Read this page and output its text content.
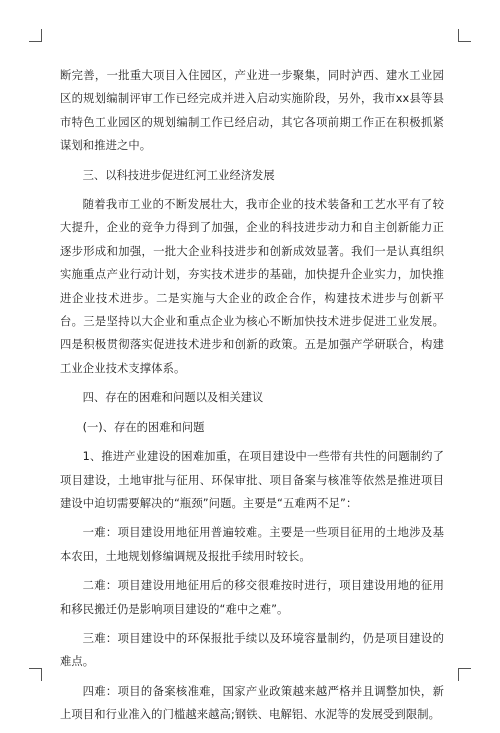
断完善，一批重大项目入住园区，产业进一步聚集，同时泸西、建水工业园区的规划编制评审工作已经完成并进入启动实施阶段，另外，我市xx县等县市特色工业园区的规划编制工作已经启动，其它各项前期工作正在积极抓紧谋划和推进之中。

三、以科技进步促进红河工业经济发展

随着我市工业的不断发展壮大，我市企业的技术装备和工艺水平有了较大提升，企业的竞争力得到了加强，企业的科技进步动力和自主创新能力正逐步形成和加强，一批大企业科技进步和创新成效显著。我们一是认真组织实施重点产业行动计划，夯实技术进步的基础，加快提升企业实力，加快推进企业技术进步。二是实施与大企业的政企合作，构建技术进步与创新平台。三是坚持以大企业和重点企业为核心不断加快技术进步促进工业发展。四是积极贯彻落实促进技术进步和创新的政策。五是加强产学研联合，构建工业企业技术支撑体系。

四、存在的困难和问题以及相关建议

(一)、存在的困难和问题

1、推进产业建设的困难加重，在项目建设中一些带有共性的问题制约了项目建设，土地审批与征用、环保审批、项目备案与核准等依然是推进项目建设中迫切需要解决的“瓶颈”问题。主要是“五难两不足”：

一难：项目建设用地征用普遍较难。主要是一些项目征用的土地涉及基本农田，土地规划修编调规及报批手续用时较长。

二难：项目建设用地征用后的移交很难按时进行，项目建设用地的征用和移民搬迁仍是影响项目建设的“难中之难”。

三难：项目建设中的环保报批手续以及环境容量制约，仍是项目建设的难点。

四难：项目的备案核准难，国家产业政策越来越严格并且调整加快，新上项目和行业准入的门槛越来越高;钢铁、电解铝、水泥等的发展受到限制。
